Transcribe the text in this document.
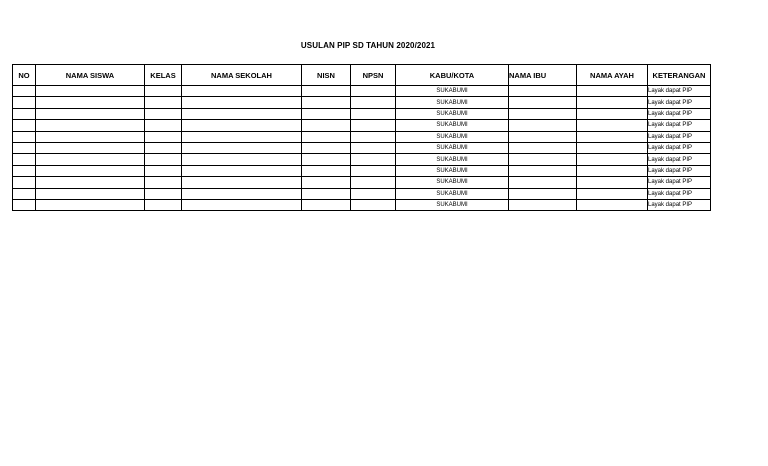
USULAN PIP SD TAHUN 2020/2021
NO	NAMA SISWA	KELAS	NAMA SEKOLAH	NISN	NPSN	KABU/KOTA	NAMA IBU	NAMA AYAH	KETERANGAN
						SUKABUMI			Layak dapat PIP
						SUKABUMI			Layak dapat PIP
						SUKABUMI			Layak dapat PIP
						SUKABUMI			Layak dapat PIP
						SUKABUMI			Layak dapat PIP
						SUKABUMI			Layak dapat PIP
						SUKABUMI			Layak dapat PIP
						SUKABUMI			Layak dapat PIP
						SUKABUMI			Layak dapat PIP
						SUKABUMI			Layak dapat PIP
						SUKABUMI			Layak dapat PIP
